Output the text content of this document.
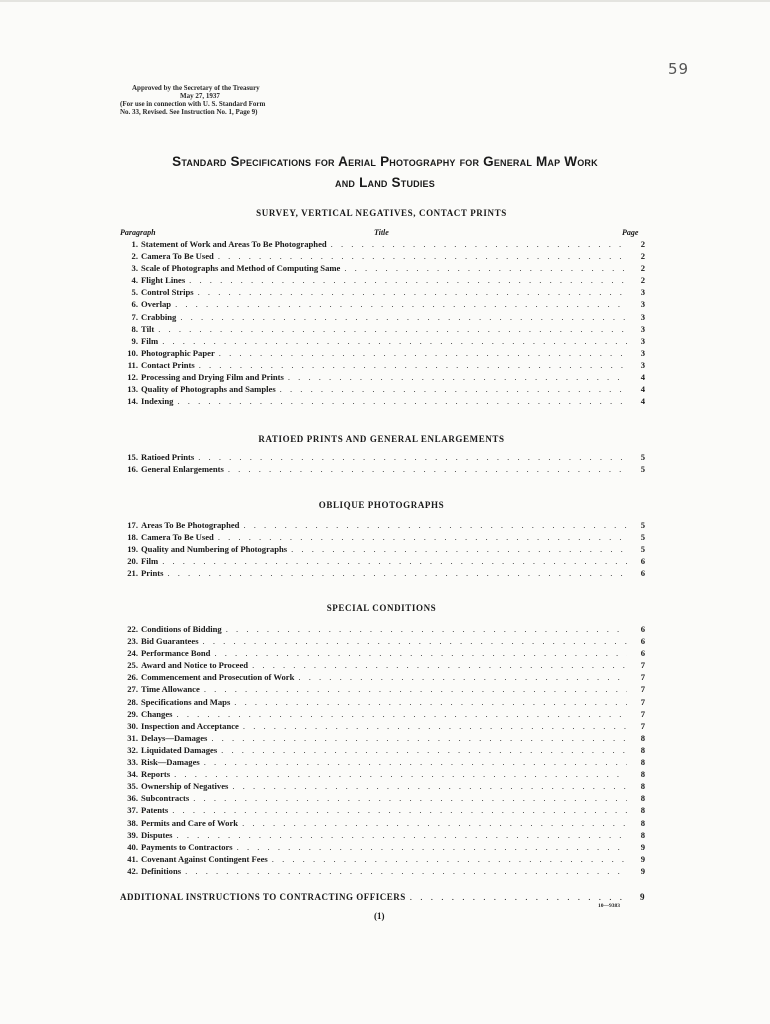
59
Approved by the Secretary of the Treasury
May 27, 1937
(For use in connection with U. S. Standard Form
No. 33, Revised. See Instruction No. 1, Page 9)
Standard Specifications for Aerial Photography for General Map Work
and Land Studies
SURVEY, VERTICAL NEGATIVES, CONTACT PRINTS
Paragraph	Title	Page
1. Statement of Work and Areas To Be Photographed . . .	2
2. Camera To Be Used . . .	2
3. Scale of Photographs and Method of Computing Same . . .	2
4. Flight Lines . . .	2
5. Control Strips . . .	3
6. Overlap . . .	3
7. Crabbing . . .	3
8. Tilt . . .	3
9. Film . . .	3
10. Photographic Paper . . .	3
11. Contact Prints . . .	3
12. Processing and Drying Film and Prints . . .	4
13. Quality of Photographs and Samples . . .	4
14. Indexing . . .	4
RATIOED PRINTS AND GENERAL ENLARGEMENTS
15. Ratioed Prints . . .	5
16. General Enlargements . . .	5
OBLIQUE PHOTOGRAPHS
17. Areas To Be Photographed . . .	5
18. Camera To Be Used . . .	5
19. Quality and Numbering of Photographs . . .	5
20. Film . . .	6
21. Prints . . .	6
SPECIAL CONDITIONS
22. Conditions of Bidding . . .	6
23. Bid Guarantees . . .	6
24. Performance Bond . . .	6
25. Award and Notice to Proceed . . .	7
26. Commencement and Prosecution of Work . . .	7
27. Time Allowance . . .	7
28. Specifications and Maps . . .	7
29. Changes . . .	7
30. Inspection and Acceptance . . .	7
31. Delays—Damages . . .	8
32. Liquidated Damages . . .	8
33. Risk—Damages . . .	8
34. Reports . . .	8
35. Ownership of Negatives . . .	8
36. Subcontracts . . .	8
37. Patents . . .	8
38. Permits and Care of Work . . .	8
39. Disputes . . .	8
40. Payments to Contractors . . .	9
41. Covenant Against Contingent Fees . . .	9
42. Definitions . . .	9
ADDITIONAL INSTRUCTIONS TO CONTRACTING OFFICERS . . .	9
10—9383
(1)
